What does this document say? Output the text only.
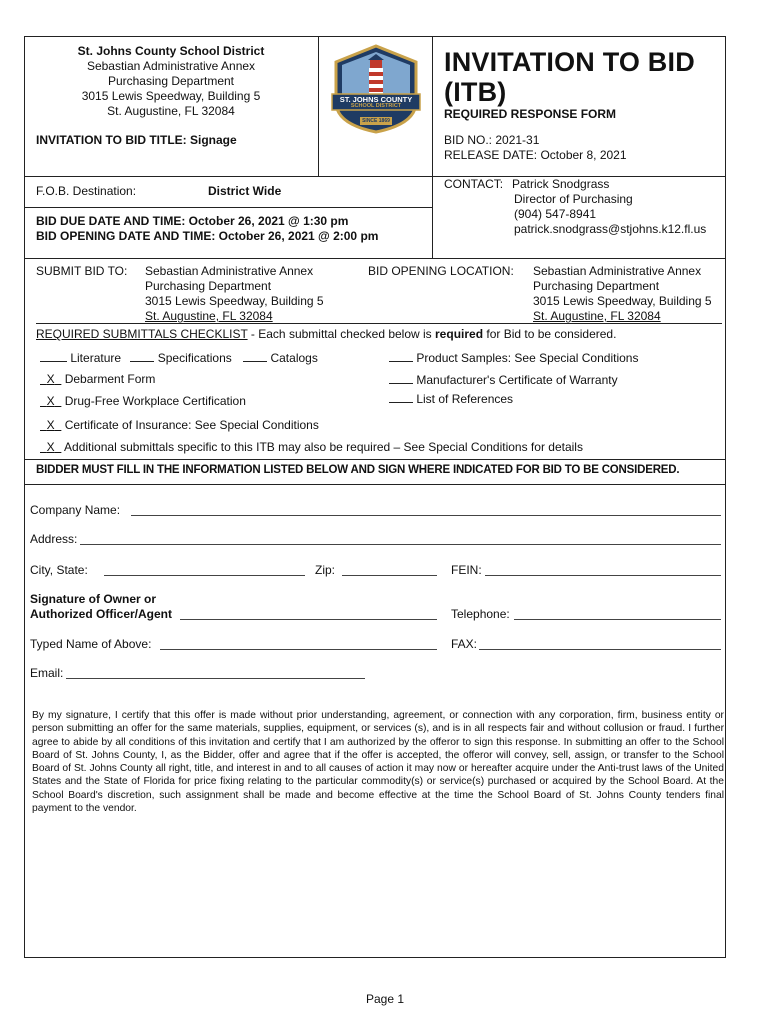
St. Johns County School District
Sebastian Administrative Annex
Purchasing Department
3015 Lewis Speedway, Building 5
St. Augustine, FL 32084
INVITATION TO BID TITLE: Signage
ST. JOHNS COUNTY
SCHOOL DISTRICT
SINCE 1869
INVITATION TO BID
(ITB)
REQUIRED RESPONSE FORM
BID NO.: 2021-31
RELEASE DATE: October 8, 2021
F.O.B. Destination:	District Wide
BID DUE DATE AND TIME: October 26, 2021 @ 1:30 pm
BID OPENING DATE AND TIME: October 26, 2021 @ 2:00 pm
CONTACT: Patrick Snodgrass
Director of Purchasing
(904) 547-8941
patrick.snodgrass@stjohns.k12.fl.us
SUBMIT BID TO: Sebastian Administrative Annex
Purchasing Department
3015 Lewis Speedway, Building 5
St. Augustine, FL 32084
BID OPENING LOCATION: Sebastian Administrative Annex
Purchasing Department
3015 Lewis Speedway, Building 5
St. Augustine, FL 32084
REQUIRED SUBMITTALS CHECKLIST - Each submittal checked below is required for Bid to be considered.
Literature	Specifications	Catalogs	Product Samples: See Special Conditions
X Debarment Form	Manufacturer's Certificate of Warranty
X Drug-Free Workplace Certification	List of References
X Certificate of Insurance: See Special Conditions
X Additional submittals specific to this ITB may also be required – See Special Conditions for details
BIDDER MUST FILL IN THE INFORMATION LISTED BELOW AND SIGN WHERE INDICATED FOR BID TO BE CONSIDERED.
Company Name:
Address:
City, State:	Zip:	FEIN:
Signature of Owner or
Authorized Officer/Agent	Telephone:
Typed Name of Above:	FAX:
Email:
By my signature, I certify that this offer is made without prior understanding, agreement, or connection with any corporation, firm, business entity or person submitting an offer for the same materials, supplies, equipment, or services (s), and is in all respects fair and without collusion or fraud. I further agree to abide by all conditions of this invitation and certify that I am authorized by the offeror to sign this response. In submitting an offer to the School Board of St. Johns County, I, as the Bidder, offer and agree that if the offer is accepted, the offeror will convey, sell, assign, or transfer to the School Board of St. Johns County all right, title, and interest in and to all causes of action it may now or hereafter acquire under the Anti-trust laws of the United States and the State of Florida for price fixing relating to the particular commodity(s) or service(s) purchased or acquired by the School Board. At the School Board's discretion, such assignment shall be made and become effective at the time the School Board of St. Johns County tenders final payment to the vendor.
Page 1
